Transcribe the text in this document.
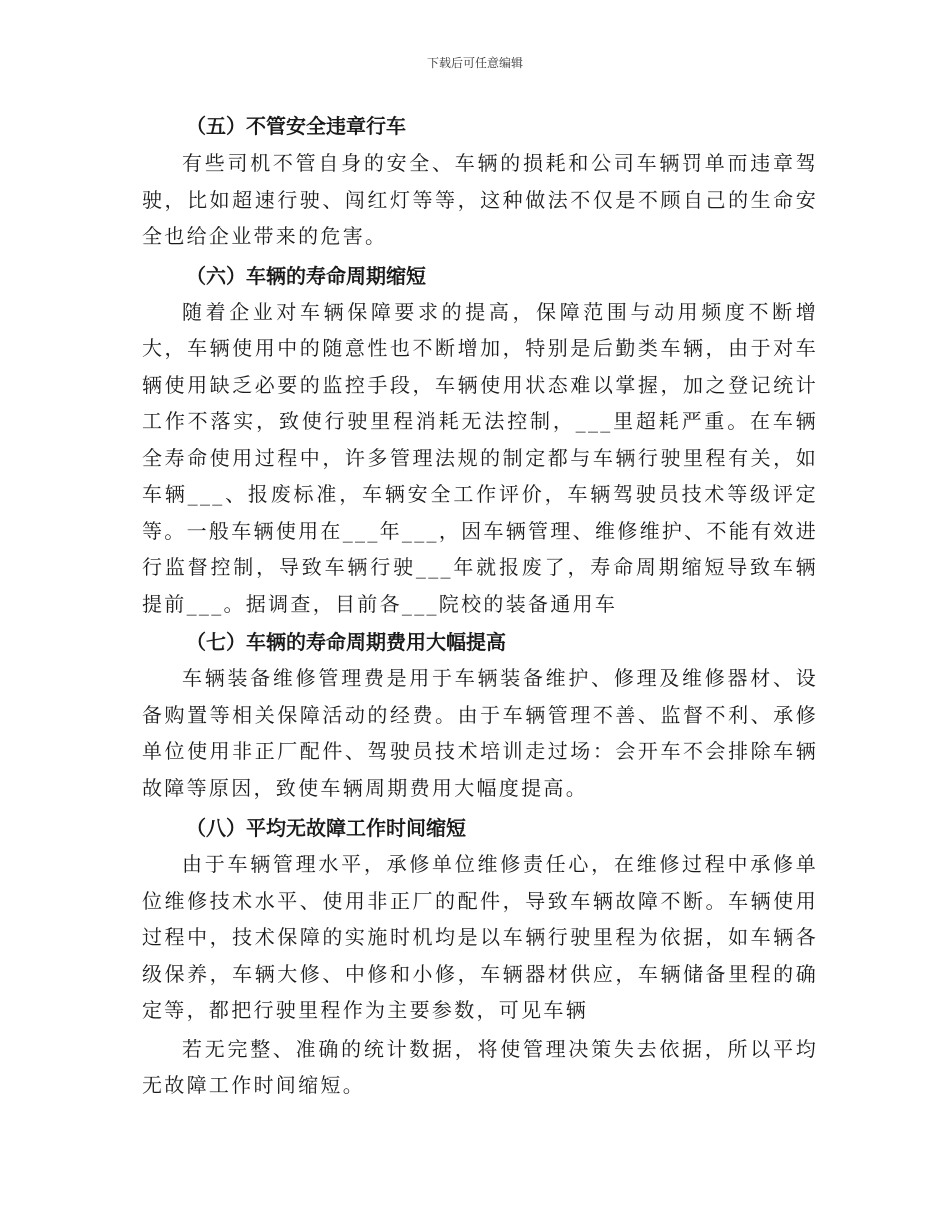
下载后可任意编辑
（五）不管安全违章行车

有些司机不管自身的安全、车辆的损耗和公司车辆罚单而违章驾驶，比如超速行驶、闯红灯等等，这种做法不仅是不顾自己的生命安全也给企业带来的危害。

（六）车辆的寿命周期缩短

随着企业对车辆保障要求的提高，保障范围与动用频度不断增大，车辆使用中的随意性也不断增加，特别是后勤类车辆，由于对车辆使用缺乏必要的监控手段，车辆使用状态难以掌握，加之登记统计工作不落实，致使行驶里程消耗无法控制，___里超耗严重。在车辆全寿命使用过程中，许多管理法规的制定都与车辆行驶里程有关，如车辆___、报废标准，车辆安全工作评价，车辆驾驶员技术等级评定等。一般车辆使用在___年___，因车辆管理、维修维护、不能有效进行监督控制，导致车辆行驶___年就报废了，寿命周期缩短导致车辆提前___。据调查，目前各___院校的装备通用车

（七）车辆的寿命周期费用大幅提高

车辆装备维修管理费是用于车辆装备维护、修理及维修器材、设备购置等相关保障活动的经费。由于车辆管理不善、监督不利、承修单位使用非正厂配件、驾驶员技术培训走过场：会开车不会排除车辆故障等原因，致使车辆周期费用大幅度提高。

（八）平均无故障工作时间缩短

由于车辆管理水平，承修单位维修责任心，在维修过程中承修单位维修技术水平、使用非正厂的配件，导致车辆故障不断。车辆使用过程中，技术保障的实施时机均是以车辆行驶里程为依据，如车辆各级保养，车辆大修、中修和小修，车辆器材供应，车辆储备里程的确定等，都把行驶里程作为主要参数，可见车辆

若无完整、准确的统计数据，将使管理决策失去依据，所以平均无故障工作时间缩短。
